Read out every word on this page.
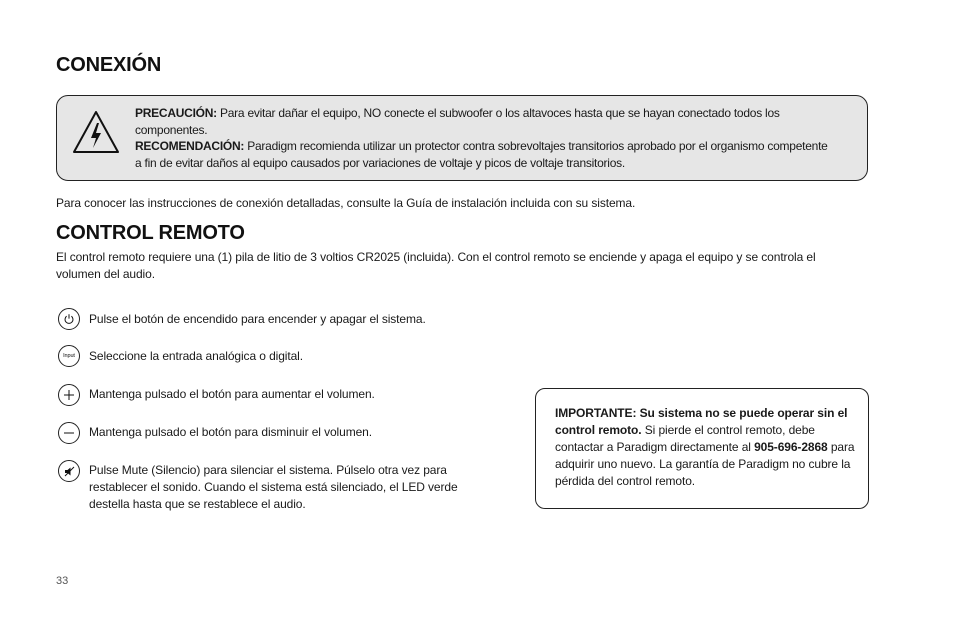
CONEXIÓN
PRECAUCIÓN: Para evitar dañar el equipo, NO conecte el subwoofer o los altavoces hasta que se hayan conectado todos los componentes.
RECOMENDACIÓN: Paradigm recomienda utilizar un protector contra sobrevoltajes transitorios aprobado por el organismo competente a fin de evitar daños al equipo causados por variaciones de voltaje y picos de voltaje transitorios.
Para conocer las instrucciones de conexión detalladas, consulte la Guía de instalación incluida con su sistema.
CONTROL REMOTO
El control remoto requiere una (1) pila de litio de 3 voltios CR2025 (incluida). Con el control remoto se enciende y apaga el equipo y se controla el volumen del audio.
Pulse el botón de encendido para encender y apagar el sistema.
Input Seleccione la entrada analógica o digital.
Mantenga pulsado el botón para aumentar el volumen.
Mantenga pulsado el botón para disminuir el volumen.
Pulse Mute (Silencio) para silenciar el sistema. Púlselo otra vez para restablecer el sonido. Cuando el sistema está silenciado, el LED verde destella hasta que se restablece el audio.
IMPORTANTE: Su sistema no se puede operar sin el control remoto. Si pierde el control remoto, debe contactar a Paradigm directamente al 905-696-2868 para adquirir uno nuevo. La garantía de Paradigm no cubre la pérdida del control remoto.
33
